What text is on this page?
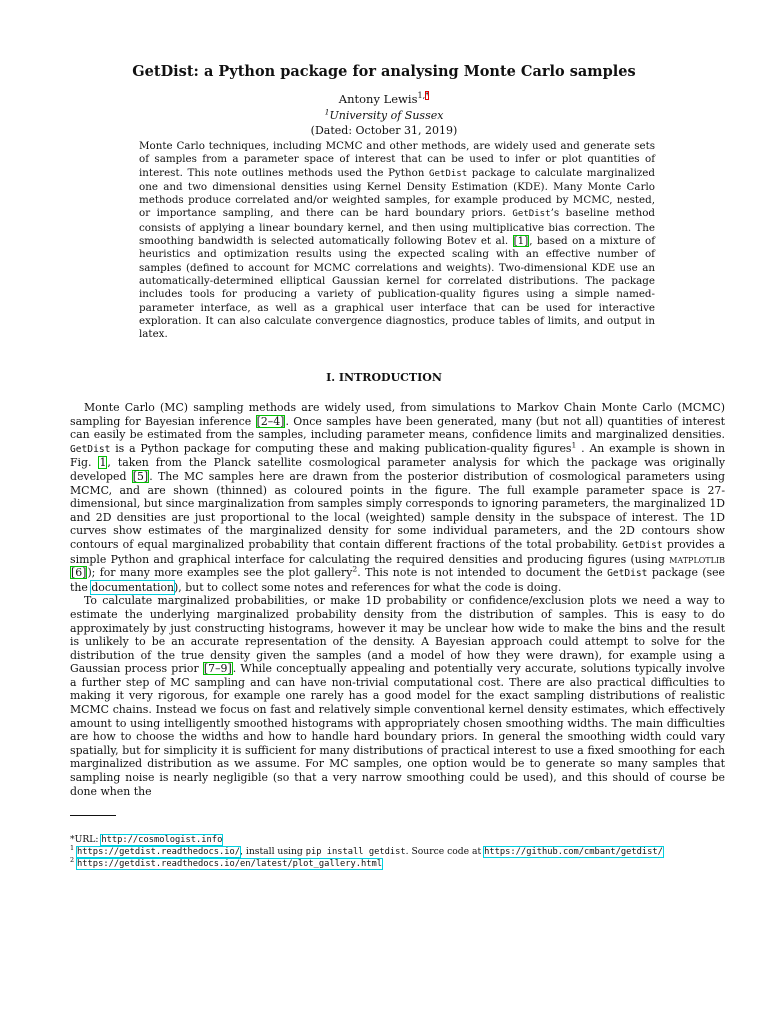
GetDist: a Python package for analysing Monte Carlo samples
Antony Lewis$^{1,*}$
$^1$University of Sussex
(Dated: October 31, 2019)
Monte Carlo techniques, including MCMC and other methods, are widely used and generate sets of samples from a parameter space of interest that can be used to infer or plot quantities of interest. This note outlines methods used the Python GetDist package to calculate marginalized one and two dimensional densities using Kernel Density Estimation (KDE). Many Monte Carlo methods produce correlated and/or weighted samples, for example produced by MCMC, nested, or importance sampling, and there can be hard boundary priors. GetDist’s baseline method consists of applying a linear boundary kernel, and then using multiplicative bias correction. The smoothing bandwidth is selected automatically following Botev et al. [1], based on a mixture of heuristics and optimization results using the expected scaling with an effective number of samples (defined to account for MCMC correlations and weights). Two-dimensional KDE use an automatically-determined elliptical Gaussian kernel for correlated distributions. The package includes tools for producing a variety of publication-quality figures using a simple named-parameter interface, as well as a graphical user interface that can be used for interactive exploration. It can also calculate convergence diagnostics, produce tables of limits, and output in latex.
I. INTRODUCTION

Monte Carlo (MC) sampling methods are widely used, from simulations to Markov Chain Monte Carlo (MCMC) sampling for Bayesian inference [2–4]. Once samples have been generated, many (but not all) quantities of interest can easily be estimated from the samples, including parameter means, confidence limits and marginalized densities. GetDist is a Python package for computing these and making publication-quality figures$^1$ . An example is shown in Fig. 1, taken from the Planck satellite cosmological parameter analysis for which the package was originally developed [5]. The MC samples here are drawn from the posterior distribution of cosmological parameters using MCMC, and are shown (thinned) as coloured points in the figure. The full example parameter space is 27-dimensional, but since marginalization from samples simply corresponds to ignoring parameters, the marginalized 1D and 2D densities are just proportional to the local (weighted) sample density in the subspace of interest. The 1D curves show estimates of the marginalized density for some individual parameters, and the 2D contours show contours of equal marginalized probability that contain different fractions of the total probability. GetDist provides a simple Python and graphical interface for calculating the required densities and producing figures (using matplotlib [6]); for many more examples see the plot gallery$^2$. This note is not intended to document the GetDist package (see the documentation), but to collect some notes and references for what the code is doing.

To calculate marginalized probabilities, or make 1D probability or confidence/exclusion plots we need a way to estimate the underlying marginalized probability density from the distribution of samples. This is easy to do approximately by just constructing histograms, however it may be unclear how wide to make the bins and the result is unlikely to be an accurate representation of the density. A Bayesian approach could attempt to solve for the distribution of the true density given the samples (and a model of how they were drawn), for example using a Gaussian process prior [7–9]. While conceptually appealing and potentially very accurate, solutions typically involve a further step of MC sampling and can have non-trivial computational cost. There are also practical difficulties to making it very rigorous, for example one rarely has a good model for the exact sampling distributions of realistic MCMC chains. Instead we focus on fast and relatively simple conventional kernel density estimates, which effectively amount to using intelligently smoothed histograms with appropriately chosen smoothing widths. The main difficulties are how to choose the widths and how to handle hard boundary priors. In general the smoothing width could vary spatially, but for simplicity it is sufficient for many distributions of practical interest to use a fixed smoothing for each marginalized distribution as we assume. For MC samples, one option would be to generate so many samples that sampling noise is nearly negligible (so that a very narrow smoothing could be used), and this should of course be done when the

*URL: http://cosmologist.info
$^1$ https://getdist.readthedocs.io/, install using pip install getdist. Source code at https://github.com/cmbant/getdist/
$^2$ https://getdist.readthedocs.io/en/latest/plot_gallery.html
